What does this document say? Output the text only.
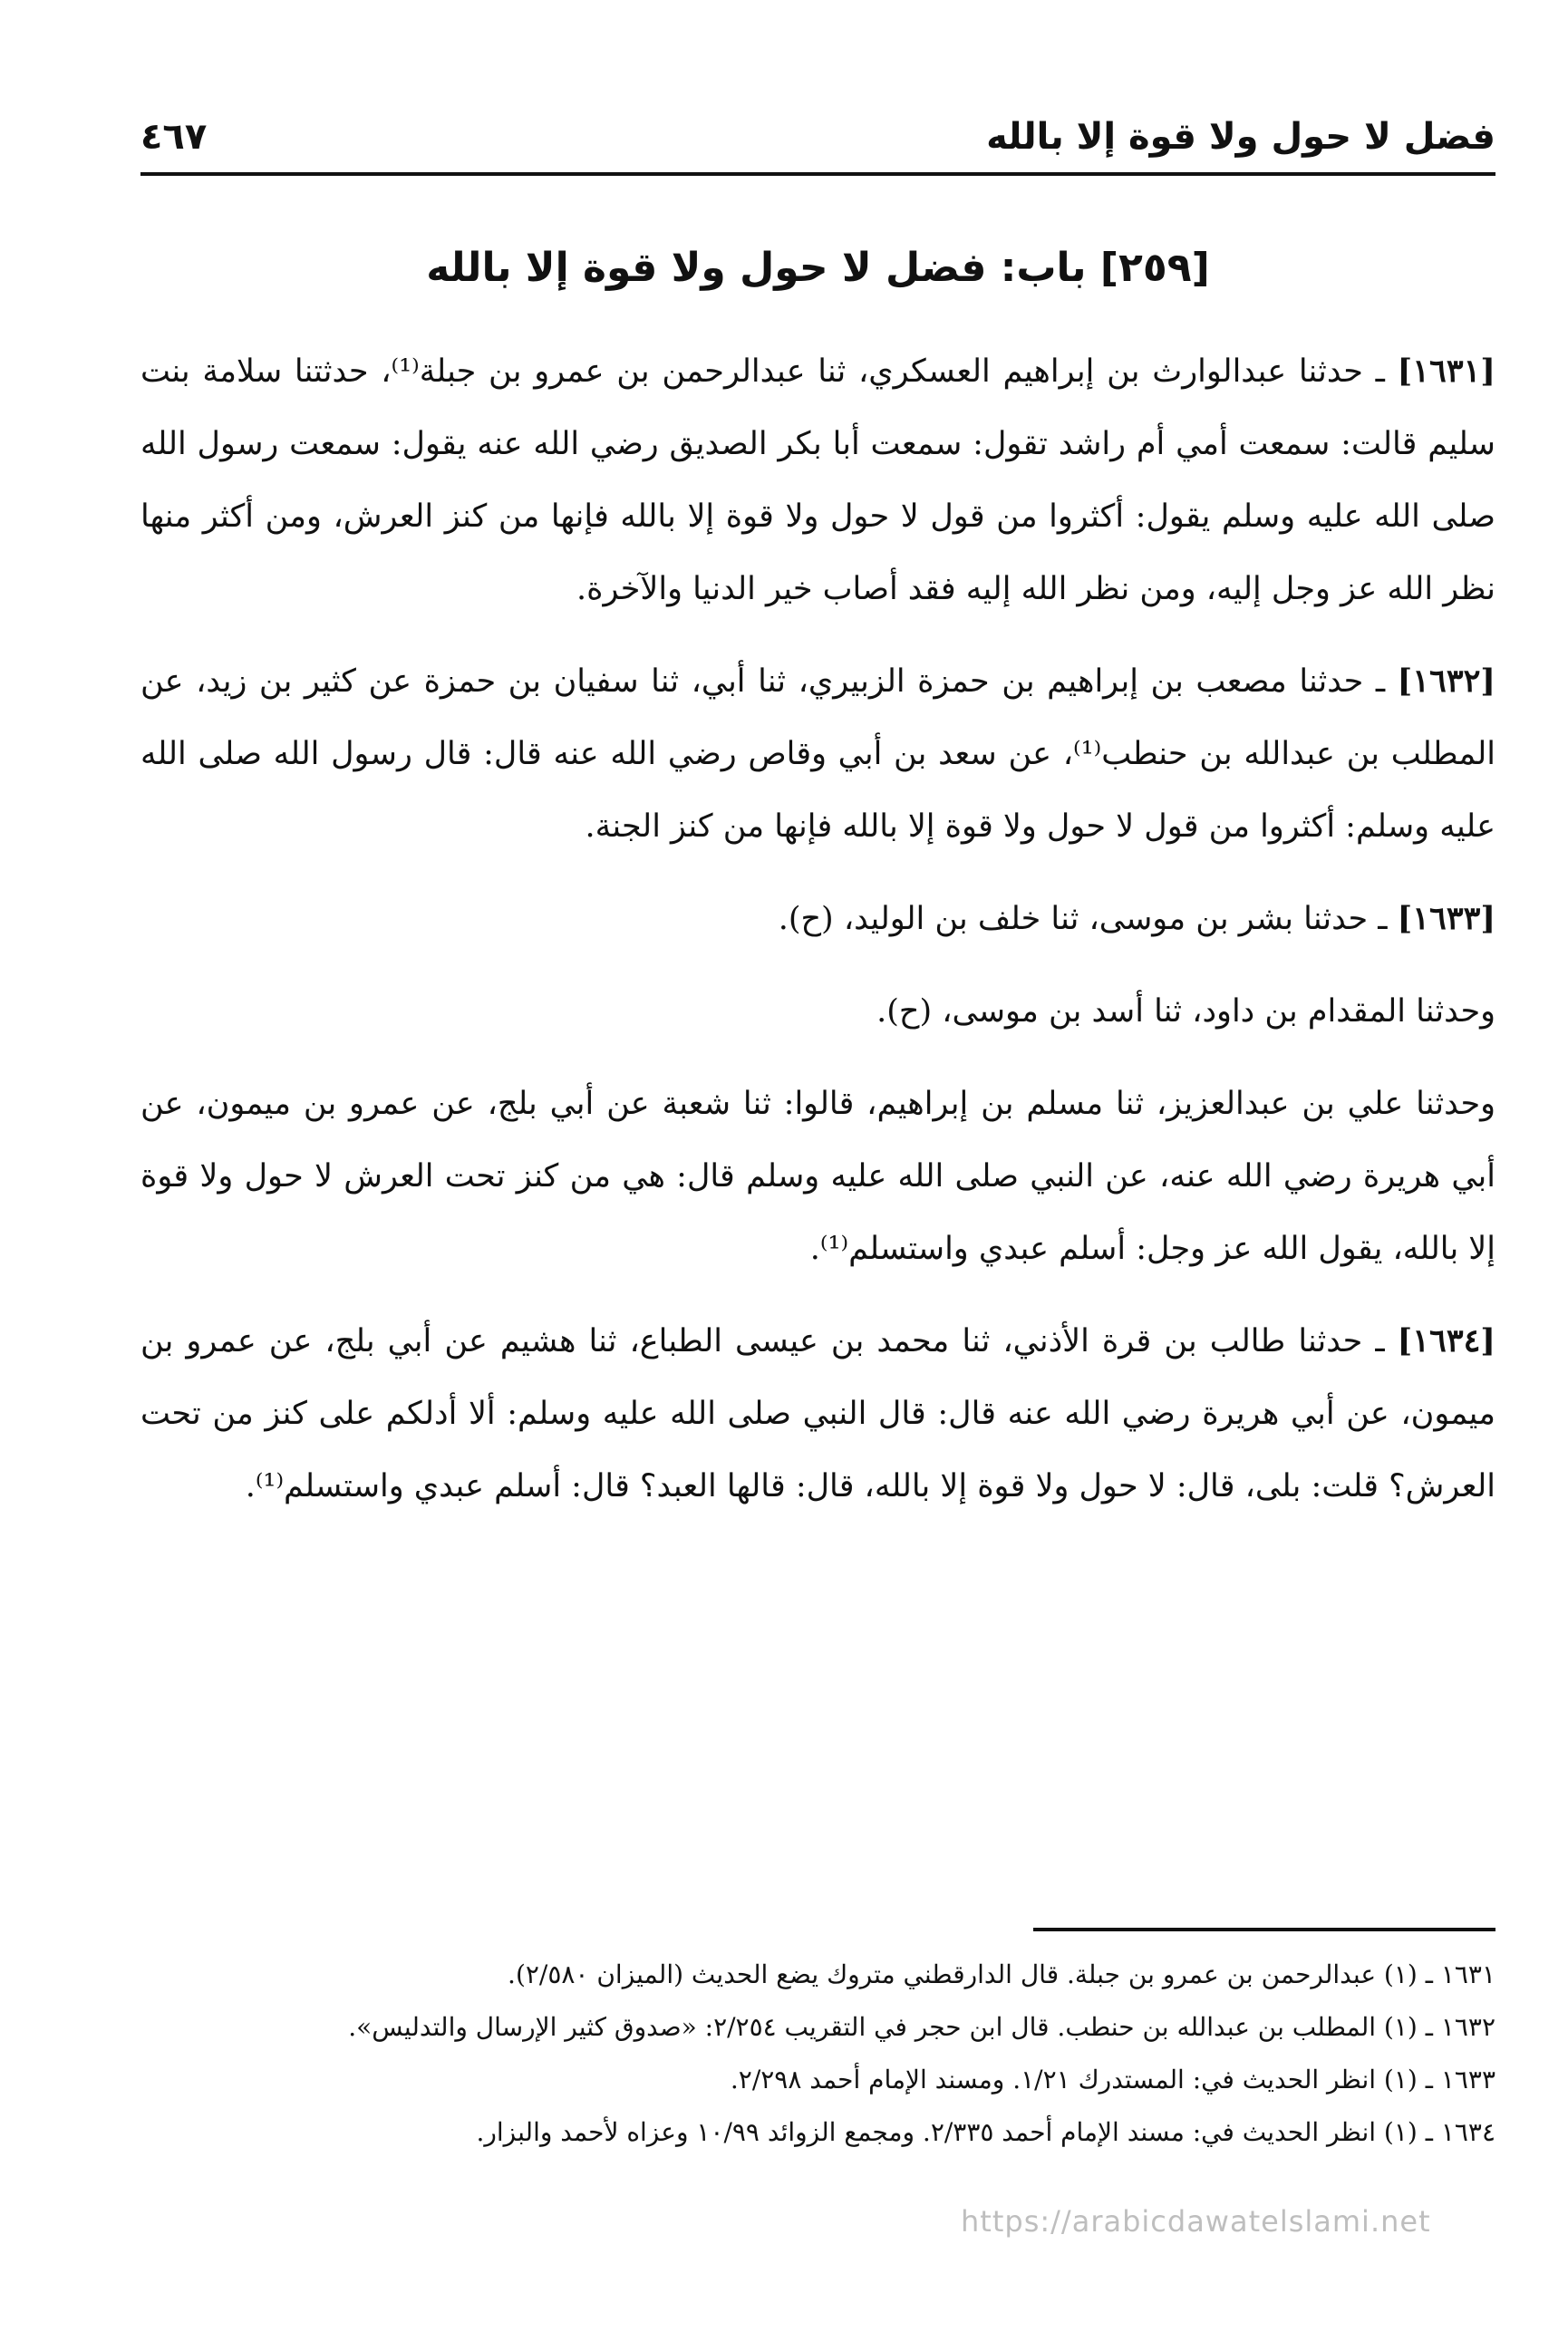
فضل لا حول ولا قوة إلا بالله
٤٦٧
[٢٥٩] باب: فضل لا حول ولا قوة إلا بالله

[١٦٣١] ـ حدثنا عبدالوارث بن إبراهيم العسكري، ثنا عبدالرحمن بن عمرو بن جبلة⁽¹⁾، حدثتنا سلامة بنت سليم قالت: سمعت أمي أم راشد تقول: سمعت أبا بكر الصديق رضي الله عنه يقول: سمعت رسول الله صلى الله عليه وسلم يقول: أكثروا من قول لا حول ولا قوة إلا بالله فإنها من كنز العرش، ومن أكثر منها نظر الله عز وجل إليه، ومن نظر الله إليه فقد أصاب خير الدنيا والآخرة.

[١٦٣٢] ـ حدثنا مصعب بن إبراهيم بن حمزة الزبيري، ثنا أبي، ثنا سفيان بن حمزة عن كثير بن زيد، عن المطلب بن عبدالله بن حنطب⁽¹⁾، عن سعد بن أبي وقاص رضي الله عنه قال: قال رسول الله صلى الله عليه وسلم: أكثروا من قول لا حول ولا قوة إلا بالله فإنها من كنز الجنة.

[١٦٣٣] ـ حدثنا بشر بن موسى، ثنا خلف بن الوليد، (ح).

وحدثنا المقدام بن داود، ثنا أسد بن موسى، (ح).

وحدثنا علي بن عبدالعزيز، ثنا مسلم بن إبراهيم، قالوا: ثنا شعبة عن أبي بلج، عن عمرو بن ميمون، عن أبي هريرة رضي الله عنه، عن النبي صلى الله عليه وسلم قال: هي من كنز تحت العرش لا حول ولا قوة إلا بالله، يقول الله عز وجل: أسلم عبدي واستسلم⁽¹⁾.

[١٦٣٤] ـ حدثنا طالب بن قرة الأذني، ثنا محمد بن عيسى الطباع، ثنا هشيم عن أبي بلج، عن عمرو بن ميمون، عن أبي هريرة رضي الله عنه قال: قال النبي صلى الله عليه وسلم: ألا أدلكم على كنز من تحت العرش؟ قلت: بلى، قال: لا حول ولا قوة إلا بالله، قال: قالها العبد؟ قال: أسلم عبدي واستسلم⁽¹⁾.

١٦٣١ ـ (١) عبدالرحمن بن عمرو بن جبلة. قال الدارقطني متروك يضع الحديث (الميزان ٢/٥٨٠).

١٦٣٢ ـ (١) المطلب بن عبدالله بن حنطب. قال ابن حجر في التقريب ٢/٢٥٤: «صدوق كثير الإرسال والتدليس».

١٦٣٣ ـ (١) انظر الحديث في: المستدرك ١/٢١. ومسند الإمام أحمد ٢/٢٩٨.

١٦٣٤ ـ (١) انظر الحديث في: مسند الإمام أحمد ٢/٣٣٥. ومجمع الزوائد ١٠/٩٩ وعزاه لأحمد والبزار.

https://arabicdawatelslami.net
